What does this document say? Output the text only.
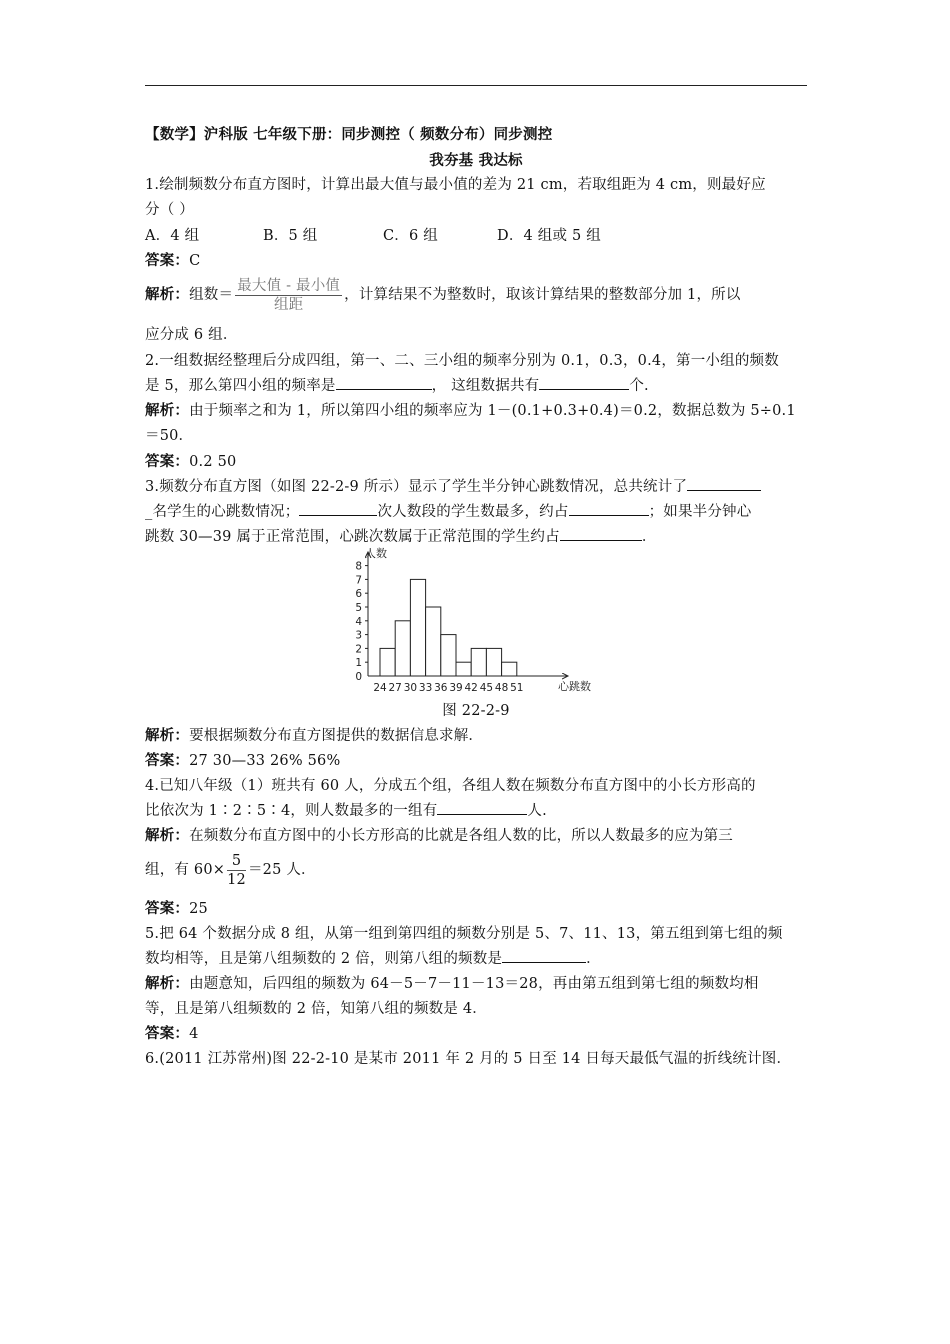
【数学】沪科版 七年级下册：同步测控（ 频数分布）同步测控
我夯基 我达标
1.绘制频数分布直方图时，计算出最大值与最小值的差为 21 cm，若取组距为 4 cm，则最好应
分（ ）
A．4 组	B．5 组	C．6 组	D．4 组或 5 组
答案：C
解析：组数＝ $\frac{\text{最大值 - 最小值}}{\text{组距}}$ ，计算结果不为整数时，取该计算结果的整数部分加 1，所以
应分成 6 组．
2.一组数据经整理后分成四组，第一、二、三小组的频率分别为 0.1，0.3，0.4，第一小组的频数
是 5，那么第四小组的频率是	， 这组数据共有	个.
解析：由于频率之和为 1，所以第四小组的频率应为 1－(0.1+0.3+0.4)＝0.2，数据总数为 5÷0.1
＝50．
答案：0.2 50
3.频数分布直方图（如图 22-2-9 所示）显示了学生半分钟心跳数情况，总共统计了
_名学生的心跳数情况；	次人数段的学生数最多，约占	；如果半分钟心
跳数 30—39 属于正常范围，心跳次数属于正常范围的学生约占	．
0
1
2
3
4
5
6
7
8
24 27 30 33 36 39 42 45 48 51
人数
心跳数
图 22-2-9
解析：要根据频数分布直方图提供的数据信息求解．
答案：27 30—33 26% 56%
4.已知八年级（1）班共有 60 人，分成五个组，各组人数在频数分布直方图中的小长方形高的
比依次为 1∶2∶5∶4，则人数最多的一组有	人.
解析：在频数分布直方图中的小长方形高的比就是各组人数的比，所以人数最多的应为第三
组，有 $60\times \frac{5}{12} =25$ 人．
答案：25
5.把 64 个数据分成 8 组，从第一组到第四组的频数分别是 5、7、11、13，第五组到第七组的频
数均相等，且是第八组频数的 2 倍，则第八组的频数是	．
解析：由题意知，后四组的频数为 64－5－7－11－13＝28，再由第五组到第七组的频数均相
等，且是第八组频数的 2 倍，知第八组的频数是 4．
答案：4
6.(2011 江苏常州)图 22-2-10 是某市 2011 年 2 月的 5 日至 14 日每天最低气温的折线统计图．
